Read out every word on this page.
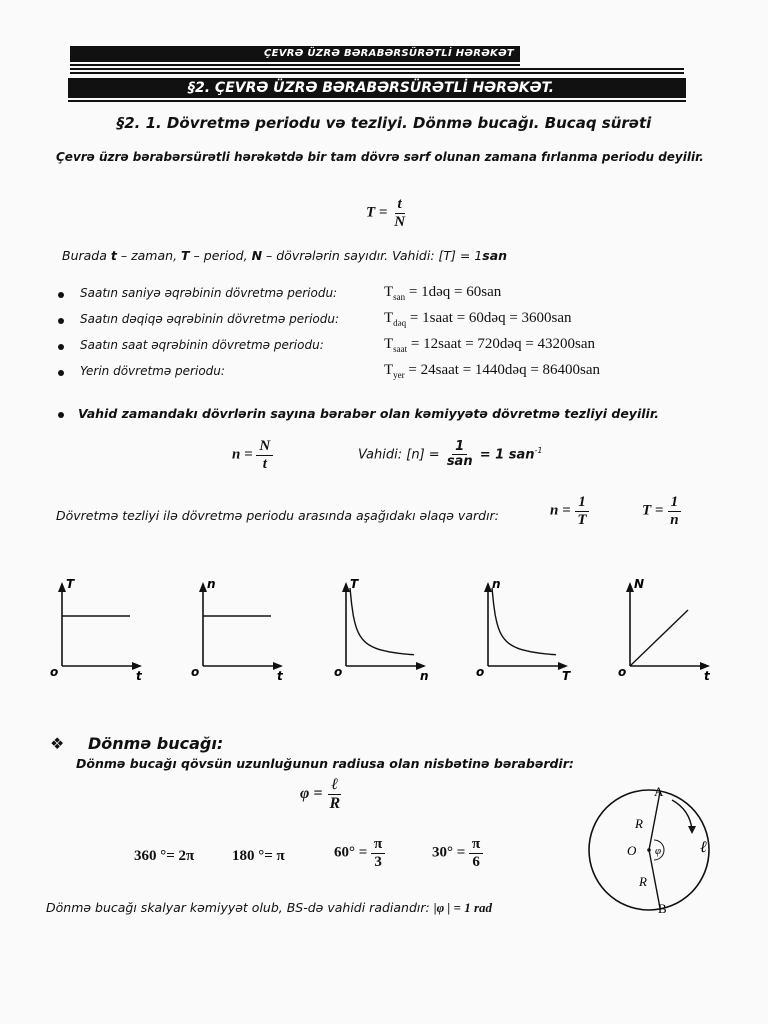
ÇEVRƏ ÜZRƏ BƏRABƏRSÜRƏTLİ HƏRƏKƏT
§2. ÇEVRƏ ÜZRƏ BƏRABƏRSÜRƏTLİ HƏRƏKƏT.
§2. 1. Dövretmə periodu və tezliyi. Dönmə bucağı. Bucaq sürəti
Çevrə üzrə bərabərsürətli hərəkətdə bir tam dövrə sərf olunan zamana fırlanma periodu deyilir.
$T = \frac{t}{N}$
Burada t – zaman, T – period, N – dövrələrin sayıdır. Vahidi: [T] = 1san
Saatın saniyə əqrəbinin dövretmə periodu:	$T_{san}$ = 1dəq = 60san
Saatın dəqiqə əqrəbinin dövretmə periodu:	$T_{dəq}$ = 1saat = 60dəq = 3600san
Saatın saat əqrəbinin dövretmə periodu:	$T_{saat}$ = 12saat = 720dəq = 43200san
Yerin dövretmə periodu:	$T_{yer}$ = 24saat = 1440dəq = 86400san
Vahid zamandakı dövrlərin sayına bərabər olan kəmiyyətə dövretmə tezliyi deyilir.
$n = \frac{N}{t}$	Vahidi: $[n] = \frac{1}{\text{san}} = 1$ san$^{-1}$
Dövretmə tezliyi ilə dövretmə periodu arasında aşağıdakı əlaqə vardır:	$n = \frac{1}{T}$	$T = \frac{1}{n}$
T
t
o
n
t
o
T
n
o
n
T
o
N
t
o
❖ Dönmə bucağı:
Dönmə bucağı qövsün uzunluğunun radiusa olan nisbətinə bərabərdir:
$\varphi = \frac{\text{ℓ}}{R}$
360 °= 2π	180 °= π	$60^\circ = \frac{\pi}{3}$	$30^\circ = \frac{\pi}{6}$
Dönmə bucağı skalyar kəmiyyət olub, BS-də vahidi radiandır: |φ | = 1 rad
A
B
O
R
R
φ ℓ
